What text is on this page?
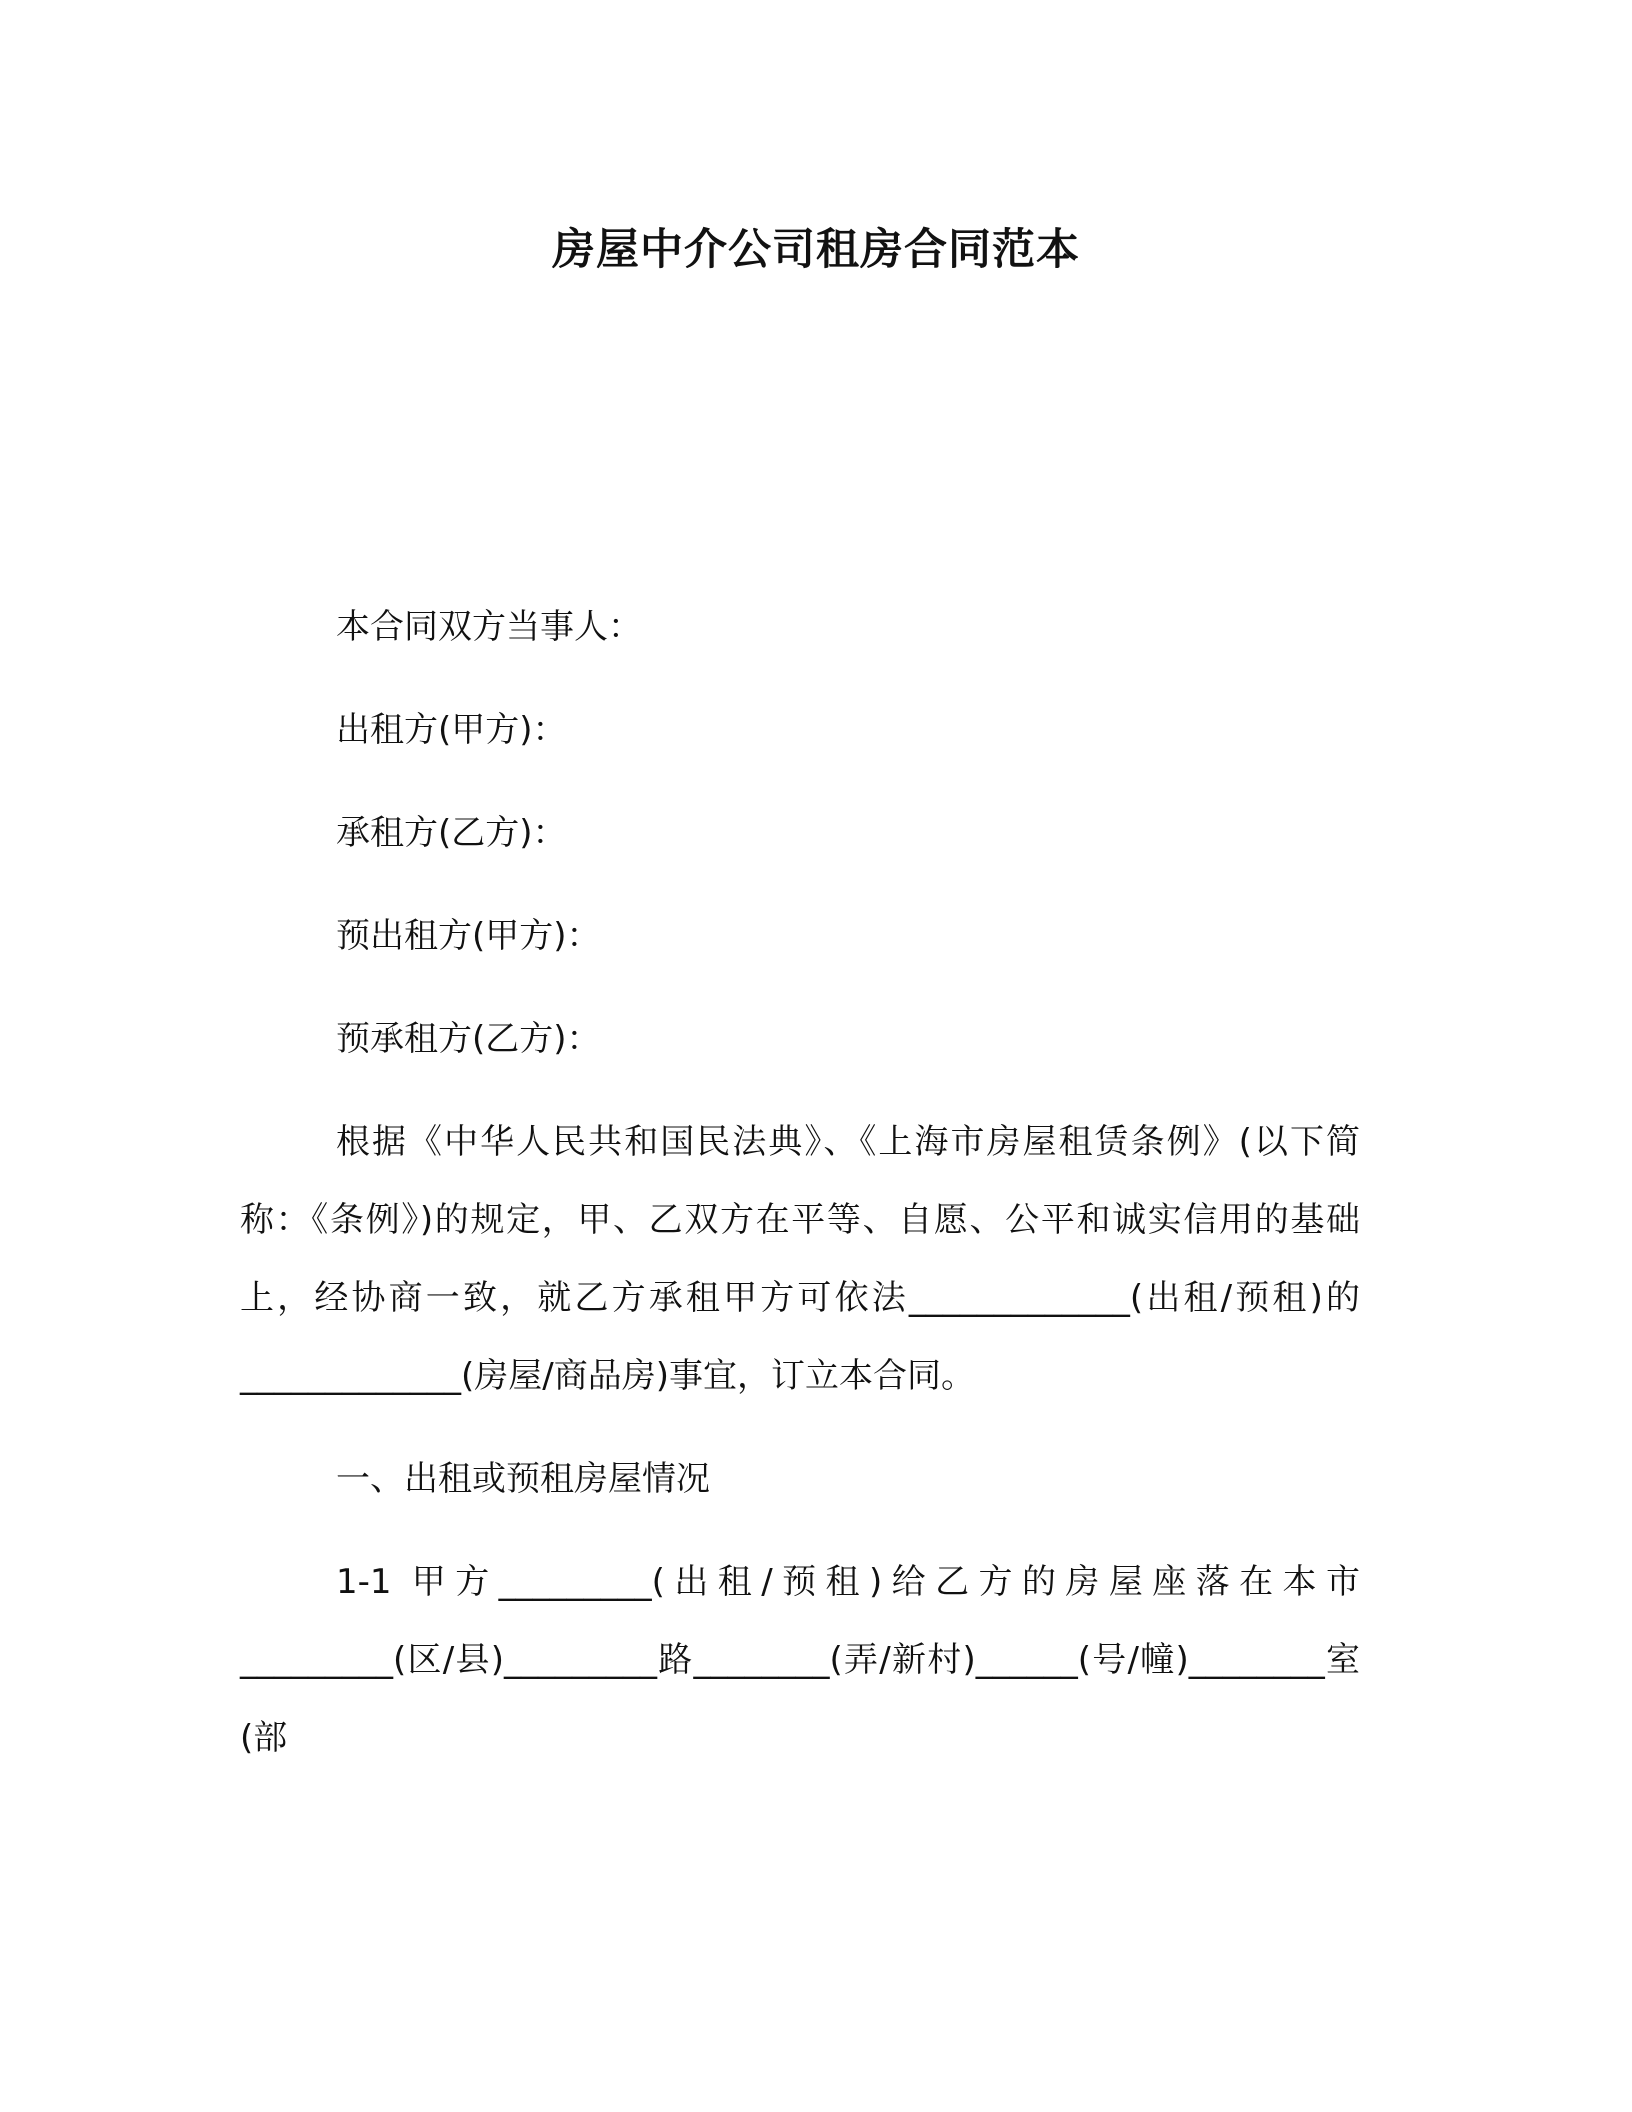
房屋中介公司租房合同范本

本合同双方当事人：

出租方(甲方)：

承租方(乙方)：

预出租方(甲方)：

预承租方(乙方)：

根据《中华人民共和国民法典》、《上海市房屋租赁条例》(以下简称：《条例》)的规定，甲、乙双方在平等、自愿、公平和诚实信用的基础上，经协商一致，就乙方承租甲方可依法_____________(出租/预租)的_____________(房屋/商品房)事宜，订立本合同。

一、出租或预租房屋情况

1-1 甲方_________(出租/预租)给乙方的房屋座落在本市_________(区/县)_________路________(弄/新村)______(号/幢)________室(部
